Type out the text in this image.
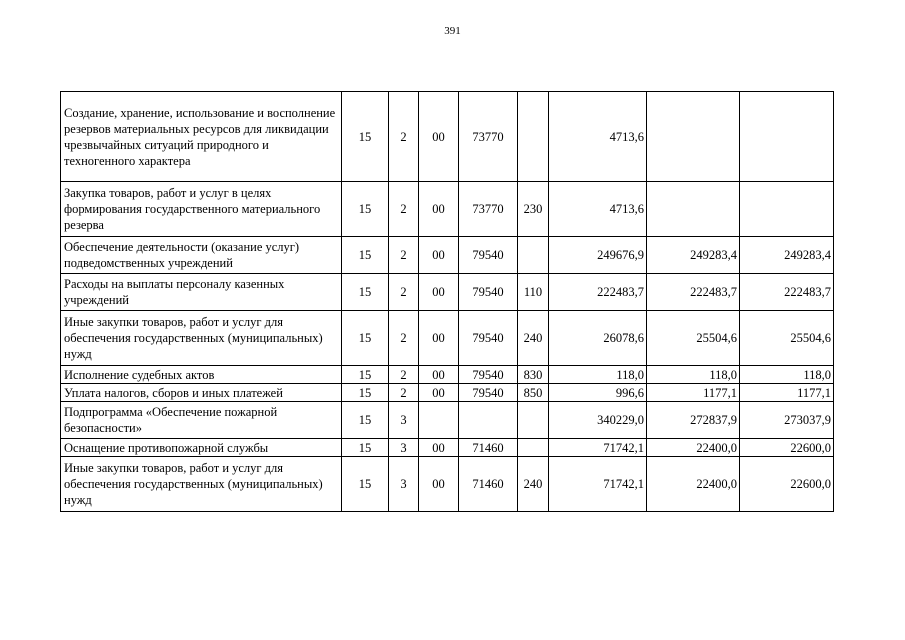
391
Создание, хранение, использование и восполнение резервов материальных ресурсов для ликвидации чрезвычайных ситуаций природного и техногенного характера	15	2	00	73770		4713,6		
Закупка товаров, работ и услуг в целях формирования государственного материального резерва	15	2	00	73770	230	4713,6		
Обеспечение деятельности (оказание услуг) подведомственных учреждений	15	2	00	79540		249676,9	249283,4	249283,4
Расходы на выплаты персоналу казенных учреждений	15	2	00	79540	110	222483,7	222483,7	222483,7
Иные закупки товаров, работ и услуг для обеспечения государственных (муниципальных) нужд	15	2	00	79540	240	26078,6	25504,6	25504,6
Исполнение судебных актов	15	2	00	79540	830	118,0	118,0	118,0
Уплата налогов, сборов и иных платежей	15	2	00	79540	850	996,6	1177,1	1177,1
Подпрограмма «Обеспечение пожарной безопасности»	15	3				340229,0	272837,9	273037,9
Оснащение противопожарной службы	15	3	00	71460		71742,1	22400,0	22600,0
Иные закупки товаров, работ и услуг для обеспечения государственных (муниципальных) нужд	15	3	00	71460	240	71742,1	22400,0	22600,0
